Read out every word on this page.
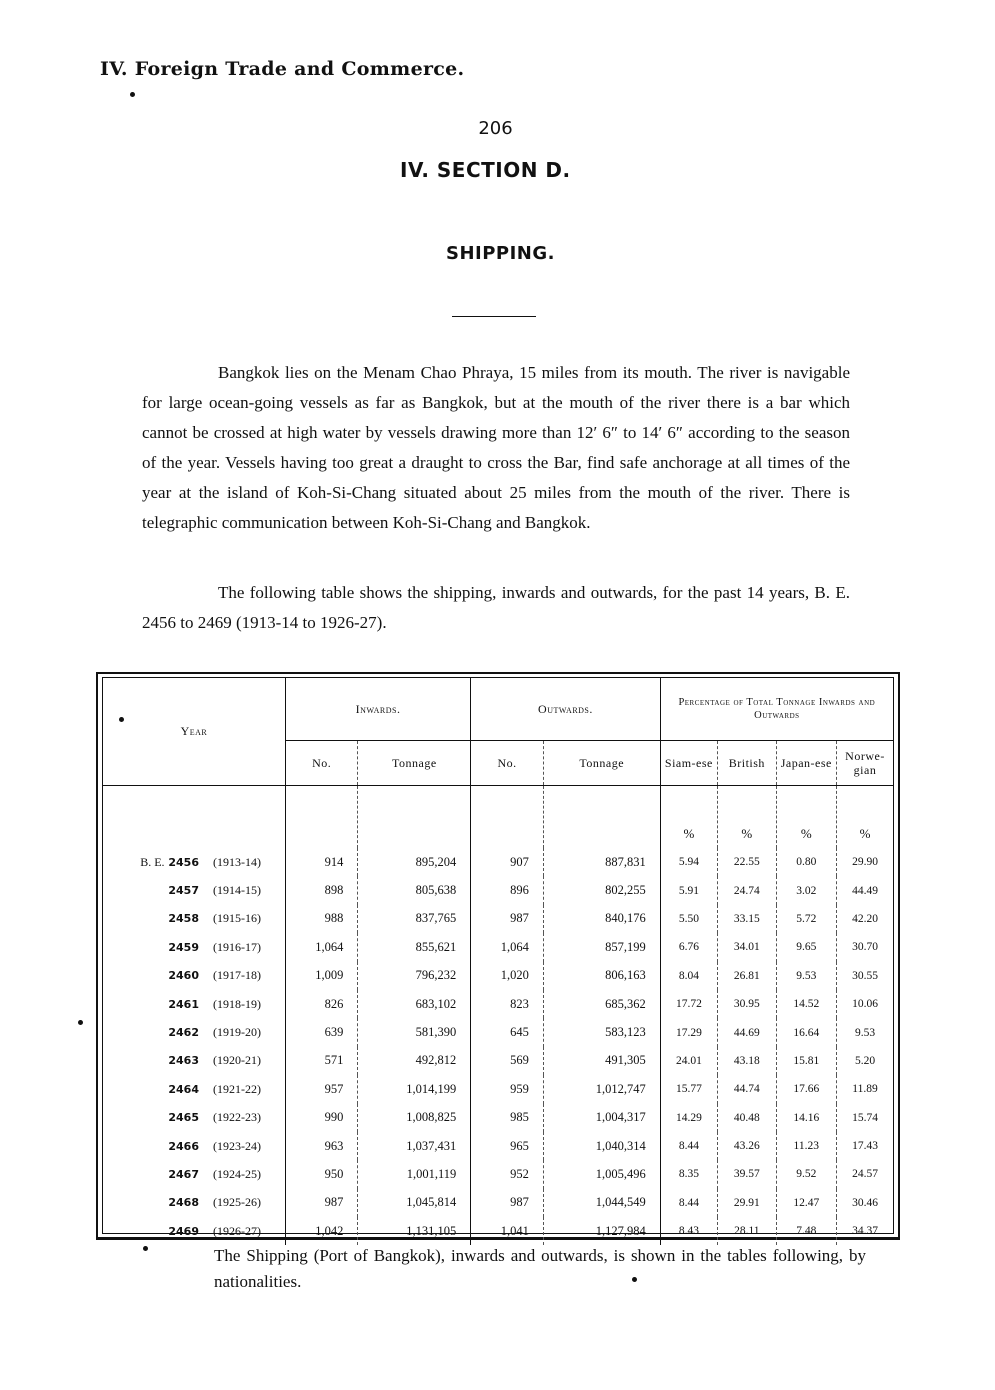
IV. Foreign Trade and Commerce.
206
IV. SECTION D.
SHIPPING.

Bangkok lies on the Menam Chao Phraya, 15 miles from its mouth. The river is navigable for large ocean-going vessels as far as Bangkok, but at the mouth of the river there is a bar which cannot be crossed at high water by vessels drawing more than 12′ 6″ to 14′ 6″ according to the season of the year. Vessels having too great a draught to cross the Bar, find safe anchorage at all times of the year at the island of Koh-Si-Chang situated about 25 miles from the mouth of the river. There is telegraphic communication between Koh-Si-Chang and Bangkok.

The following table shows the shipping, inwards and outwards, for the past 14 years, B. E. 2456 to 2469 (1913-14 to 1926-27).

Year	Inwards.		Outwards.		Percentage of Total Tonnage Inwards and Outwards			
	No.	Tonnage	No.	Tonnage	Siam-ese	British	Japan-ese	Norwe-gian
					%	%	%	%
B. E. 2456 (1913-14)	914	895,204	907	887,831	5.94	22.55	0.80	29.90
2457 (1914-15)	898	805,638	896	802,255	5.91	24.74	3.02	44.49
2458 (1915-16)	988	837,765	987	840,176	5.50	33.15	5.72	42.20
2459 (1916-17)	1,064	855,621	1,064	857,199	6.76	34.01	9.65	30.70
2460 (1917-18)	1,009	796,232	1,020	806,163	8.04	26.81	9.53	30.55
2461 (1918-19)	826	683,102	823	685,362	17.72	30.95	14.52	10.06
2462 (1919-20)	639	581,390	645	583,123	17.29	44.69	16.64	9.53
2463 (1920-21)	571	492,812	569	491,305	24.01	43.18	15.81	5.20
2464 (1921-22)	957	1,014,199	959	1,012,747	15.77	44.74	17.66	11.89
2465 (1922-23)	990	1,008,825	985	1,004,317	14.29	40.48	14.16	15.74
2466 (1923-24)	963	1,037,431	965	1,040,314	8.44	43.26	11.23	17.43
2467 (1924-25)	950	1,001,119	952	1,005,496	8.35	39.57	9.52	24.57
2468 (1925-26)	987	1,045,814	987	1,044,549	8.44	29.91	12.47	30.46
2469 (1926-27)	1,042	1,131,105	1,041	1,127,984	8.43	28.11	7.48	34.37

The Shipping (Port of Bangkok), inwards and outwards, is shown in the tables following, by nationalities.
